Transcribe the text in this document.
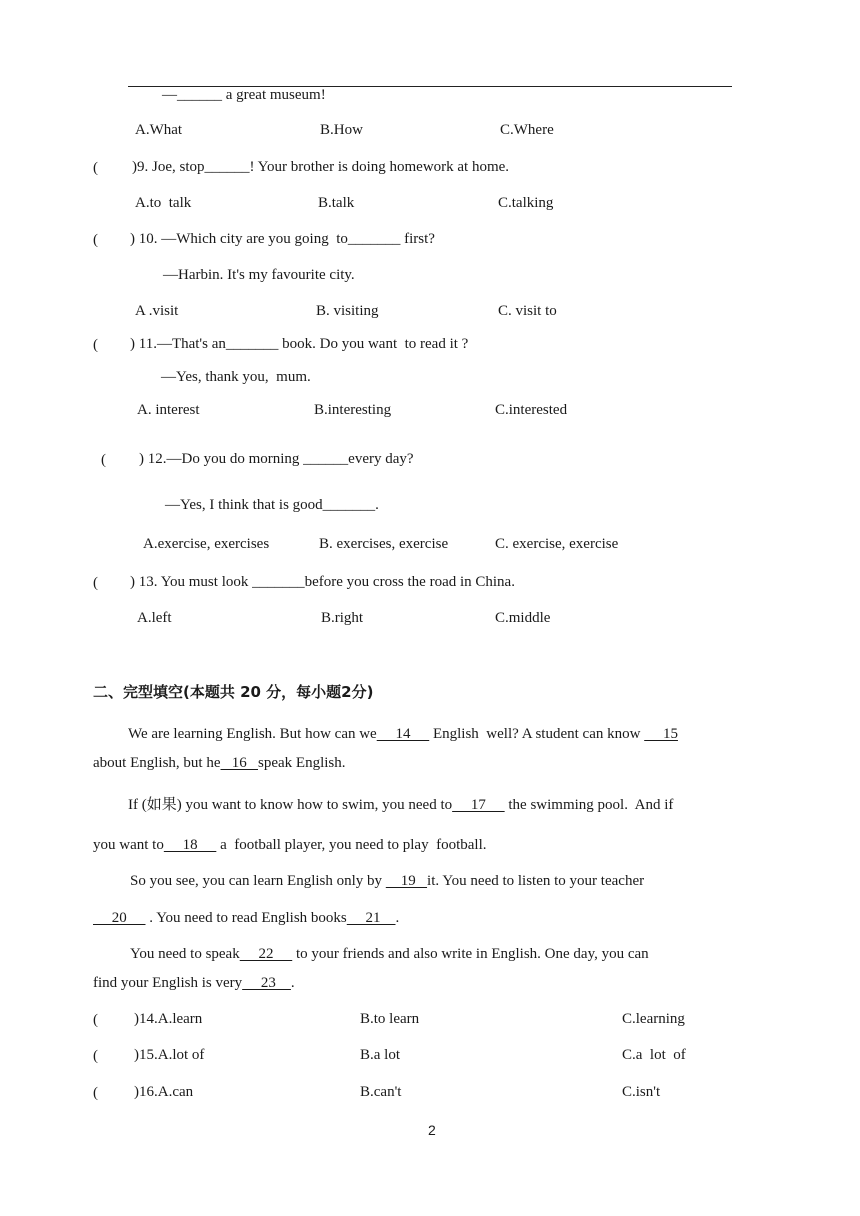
—______ a great museum!
A.What	B.How	C.Where
( )9. Joe, stop______! Your brother is doing homework at home.
A.to  talk	B.talk	C.talking
( ) 10. —Which city are you going  to_______ first?
—Harbin. It's my favourite city.
A .visit	B. visiting	C. visit to
( ) 11.—That's an_______ book. Do you want  to read it ?
—Yes, thank you,  mum.
A. interest	B.interesting	C.interested
( ) 12.—Do you do morning ______every day?
—Yes, I think that is good_______.
A.exercise, exercises	B. exercises, exercise	C. exercise, exercise
( ) 13. You must look _______before you cross the road in China.
A.left	B.right	C.middle
二、完型填空(本题共 20 分，每小题2分)
We are learning English. But how can we     14      English  well? A student can know      15
about English, but he   16   speak English.
If (如果) you want to know how to swim, you need to     17      the swimming pool.  And if
you want to     18      a  football player, you need to play  football.
So you see, you can learn English only by     19   it. You need to listen to your teacher
20      . You need to read English books     21    .
You need to speak     22      to your friends and also write in English. One day, you can
find your English is very     23    .
( )14.A.learn	B.to learn	C.learning
( )15.A.lot of	B.a lot	C.a  lot  of
( )16.A.can	B.can't	C.isn't
2
